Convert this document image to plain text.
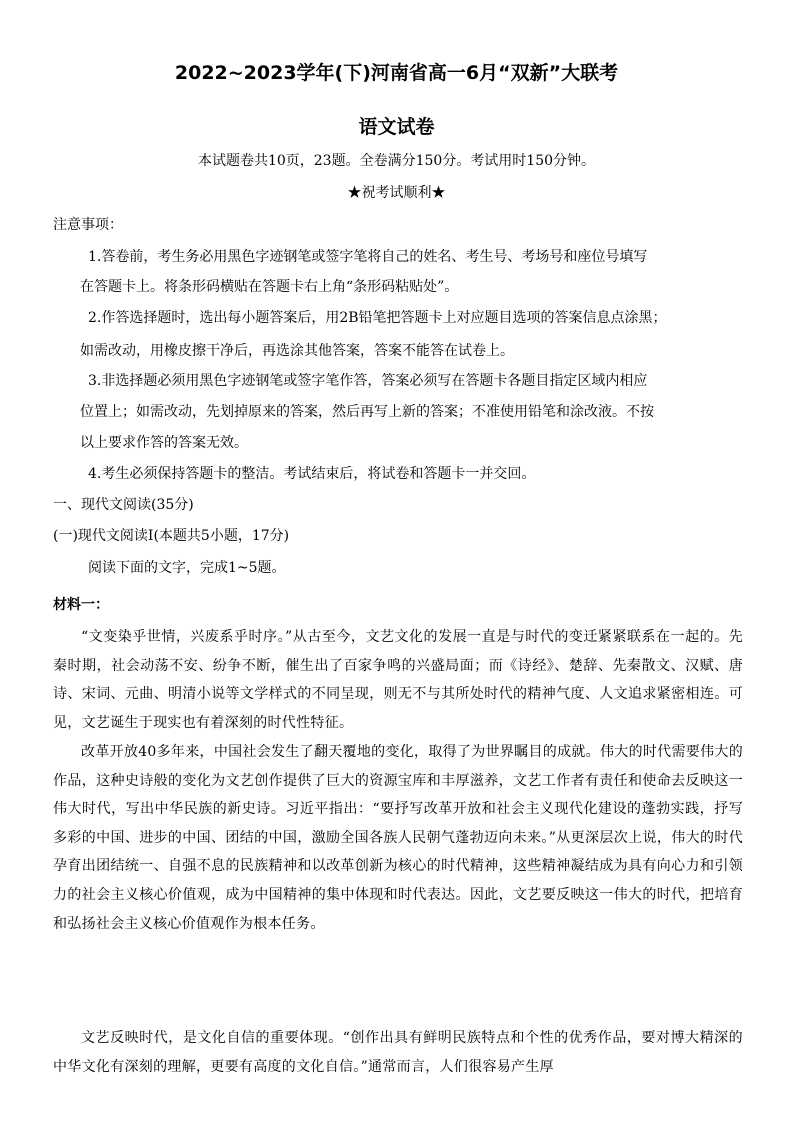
2022~2023学年(下)河南省高一6月“双新”大联考
语文试卷
本试题卷共10页，23题。全卷满分150分。考试用时150分钟。
★祝考试顺利★
注意事项：
1.答卷前，考生务必用黑色字迹钢笔或签字笔将自己的姓名、考生号、考场号和座位号填写
在答题卡上。将条形码横贴在答题卡右上角“条形码粘贴处”。
2.作答选择题时，选出每小题答案后，用2B铅笔把答题卡上对应题目选项的答案信息点涂黑；
如需改动，用橡皮擦干净后，再选涂其他答案，答案不能答在试卷上。
3.非选择题必须用黑色字迹钢笔或签字笔作答，答案必须写在答题卡各题目指定区域内相应
位置上；如需改动，先划掉原来的答案，然后再写上新的答案；不准使用铅笔和涂改液。不按
以上要求作答的答案无效。
4.考生必须保持答题卡的整洁。考试结束后，将试卷和答题卡一并交回。
一、现代文阅读(35分)
(一)现代文阅读Ⅰ(本题共5小题，17分)
阅读下面的文字，完成1~5题。
材料一：
“文变染乎世情，兴废系乎时序。”从古至今，文艺文化的发展一直是与时代的变迁紧紧联系在一起的。先秦时期，社会动荡不安、纷争不断，催生出了百家争鸣的兴盛局面；而《诗经》、楚辞、先秦散文、汉赋、唐诗、宋词、元曲、明清小说等文学样式的不同呈现，则无不与其所处时代的精神气度、人文追求紧密相连。可见，文艺诞生于现实也有着深刻的时代性特征。
改革开放40多年来，中国社会发生了翻天覆地的变化，取得了为世界瞩目的成就。伟大的时代需要伟大的作品，这种史诗般的变化为文艺创作提供了巨大的资源宝库和丰厚滋养，文艺工作者有责任和使命去反映这一伟大时代，写出中华民族的新史诗。习近平指出：“要抒写改革开放和社会主义现代化建设的蓬勃实践，抒写多彩的中国、进步的中国、团结的中国，激励全国各族人民朝气蓬勃迈向未来。”从更深层次上说，伟大的时代孕育出团结统一、自强不息的民族精神和以改革创新为核心的时代精神，这些精神凝结成为具有向心力和引领力的社会主义核心价值观，成为中国精神的集中体现和时代表达。因此，文艺要反映这一伟大的时代，把培育和弘扬社会主义核心价值观作为根本任务。
文艺反映时代，是文化自信的重要体现。“创作出具有鲜明民族特点和个性的优秀作品，要对博大精深的中华文化有深刻的理解，更要有高度的文化自信。”通常而言，人们很容易产生厚
